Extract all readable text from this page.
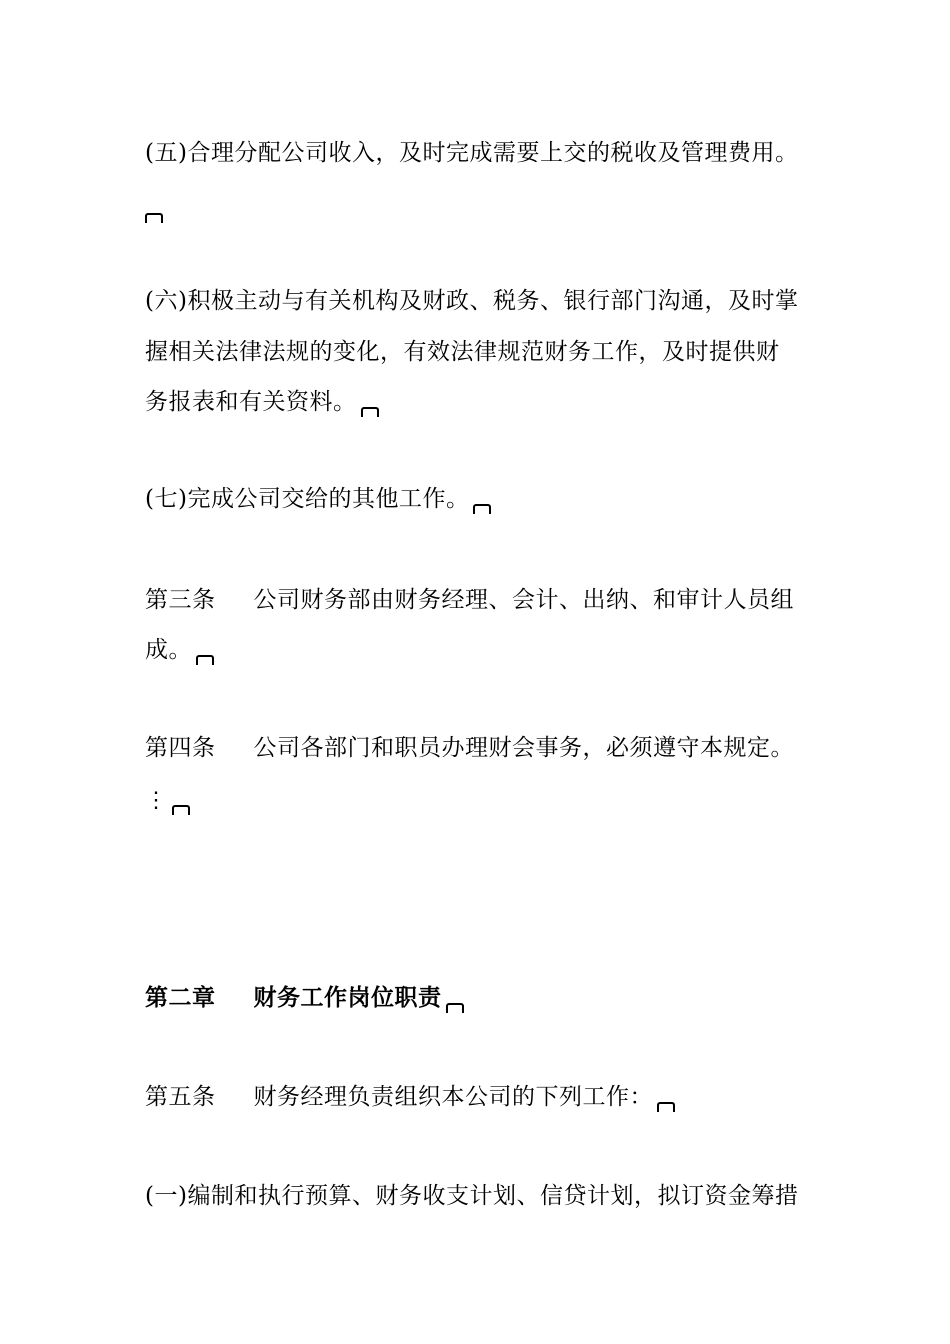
(五)合理分配公司收入，及时完成需要上交的税收及管理费用。
(六)积极主动与有关机构及财政、税务、银行部门沟通，及时掌
握相关法律法规的变化，有效法律规范财务工作，及时提供财
务报表和有关资料。
(七)完成公司交给的其他工作。
第三条 公司财务部由财务经理、会计、出纳、和审计人员组
成。
第四条 公司各部门和职员办理财会事务，必须遵守本规定。
⋮
第二章 财务工作岗位职责
第五条 财务经理负责组织本公司的下列工作：
(一)编制和执行预算、财务收支计划、信贷计划，拟订资金筹措
